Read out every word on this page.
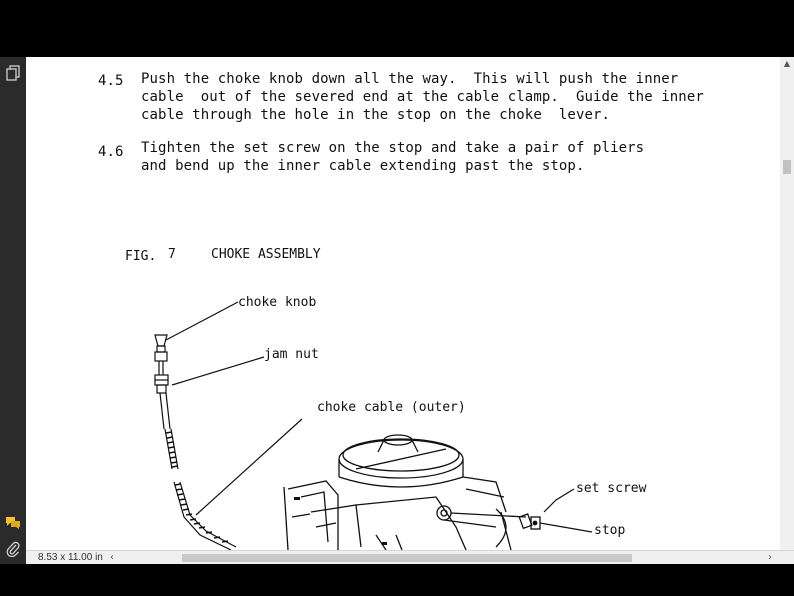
4.5 Push the choke knob down all the way.  This will push the inner
cable  out of the severed end at the cable clamp.  Guide the inner
cable through the hole in the stop on the choke  lever.
4.6 Tighten the set screw on the stop and take a pair of pliers
and bend up the inner cable extending past the stop.
FIG. 7	CHOKE ASSEMBLY
choke knob
jam nut
choke cable (outer)
set screw
stop
▲
8.53 x 11.00 in ‹	›
